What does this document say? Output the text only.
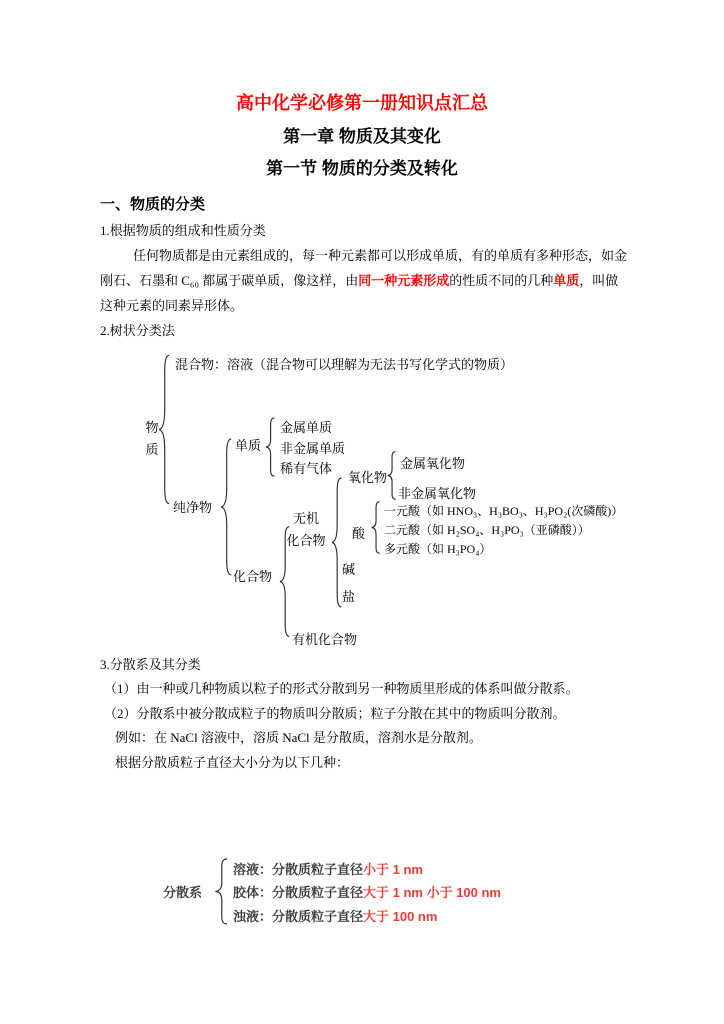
高中化学必修第一册知识点汇总
第一章 物质及其变化
第一节 物质的分类及转化
一、物质的分类
1.根据物质的组成和性质分类
任何物质都是由元素组成的，每一种元素都可以形成单质，有的单质有多种形态，如金
刚石、石墨和 C₆₀ 都属于碳单质，像这样，由同一种元素形成的性质不同的几种单质，叫做
这种元素的同素异形体。
2.树状分类法
物
质
混合物：溶液（混合物可以理解为无法书写化学式的物质）
纯净物
单质
金属单质
非金属单质
稀有气体
化合物
无机
化合物
氧化物
金属氧化物
非金属氧化物
酸
一元酸（如 HNO₃、H₃BO₃、H₃PO₂(次磷酸)）
二元酸（如 H₂SO₄、H₃PO₃（亚磷酸））
多元酸（如 H₃PO₄）
碱
盐
有机化合物
3.分散系及其分类
（1）由一种或几种物质以粒子的形式分散到另一种物质里形成的体系叫做分散系。
（2）分散系中被分散成粒子的物质叫分散质；粒子分散在其中的物质叫分散剂。
例如：在 NaCl 溶液中，溶质 NaCl 是分散质，溶剂水是分散剂。
根据分散质粒子直径大小分为以下几种：
分散系
溶液：分散质粒子直径小于 1 nm
胶体：分散质粒子直径大于 1 nm 小于 100 nm
浊液：分散质粒子直径大于 100 nm
